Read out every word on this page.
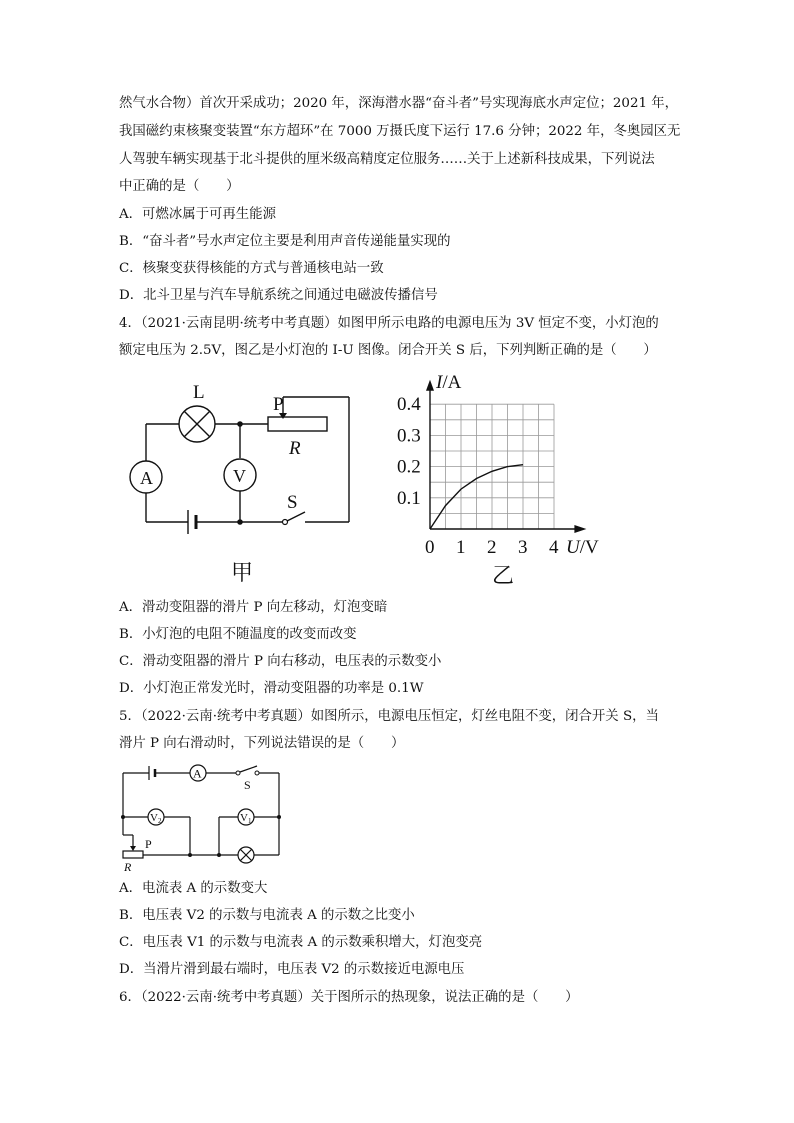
然气水合物）首次开采成功；2020 年，深海潜水器“奋斗者”号实现海底水声定位；2021 年，
我国磁约束核聚变装置“东方超环”在 7000 万摄氏度下运行 17.6 分钟；2022 年，冬奥园区无
人驾驶车辆实现基于北斗提供的厘米级高精度定位服务……关于上述新科技成果，下列说法
中正确的是（　　）
A．可燃冰属于可再生能源
B．“奋斗者”号水声定位主要是利用声音传递能量实现的
C．核聚变获得核能的方式与普通核电站一致
D．北斗卫星与汽车导航系统之间通过电磁波传播信号
4．（2021·云南昆明·统考中考真题）如图甲所示电路的电源电压为 3V 恒定不变，小灯泡的
额定电压为 2.5V，图乙是小灯泡的 I-U 图像。闭合开关 S 后，下列判断正确的是（　　）
L
P
R
A	V
S
甲
0 1 2 3 4
0.1
0.2
0.3
0.4
I/A
U/V
乙
A．滑动变阻器的滑片 P 向左移动，灯泡变暗
B．小灯泡的电阻不随温度的改变而改变
C．滑动变阻器的滑片 P 向右移动，电压表的示数变小
D．小灯泡正常发光时，滑动变阻器的功率是 0.1W
5．（2022·云南·统考中考真题）如图所示，电源电压恒定，灯丝电阻不变，闭合开关 S，当
滑片 P 向右滑动时，下列说法错误的是（　　）
A
S
V2	V1
P
R
A．电流表 A 的示数变大
B．电压表 V2 的示数与电流表 A 的示数之比变小
C．电压表 V1 的示数与电流表 A 的示数乘积增大，灯泡变亮
D．当滑片滑到最右端时，电压表 V2 的示数接近电源电压
6．（2022·云南·统考中考真题）关于图所示的热现象，说法正确的是（　　）
